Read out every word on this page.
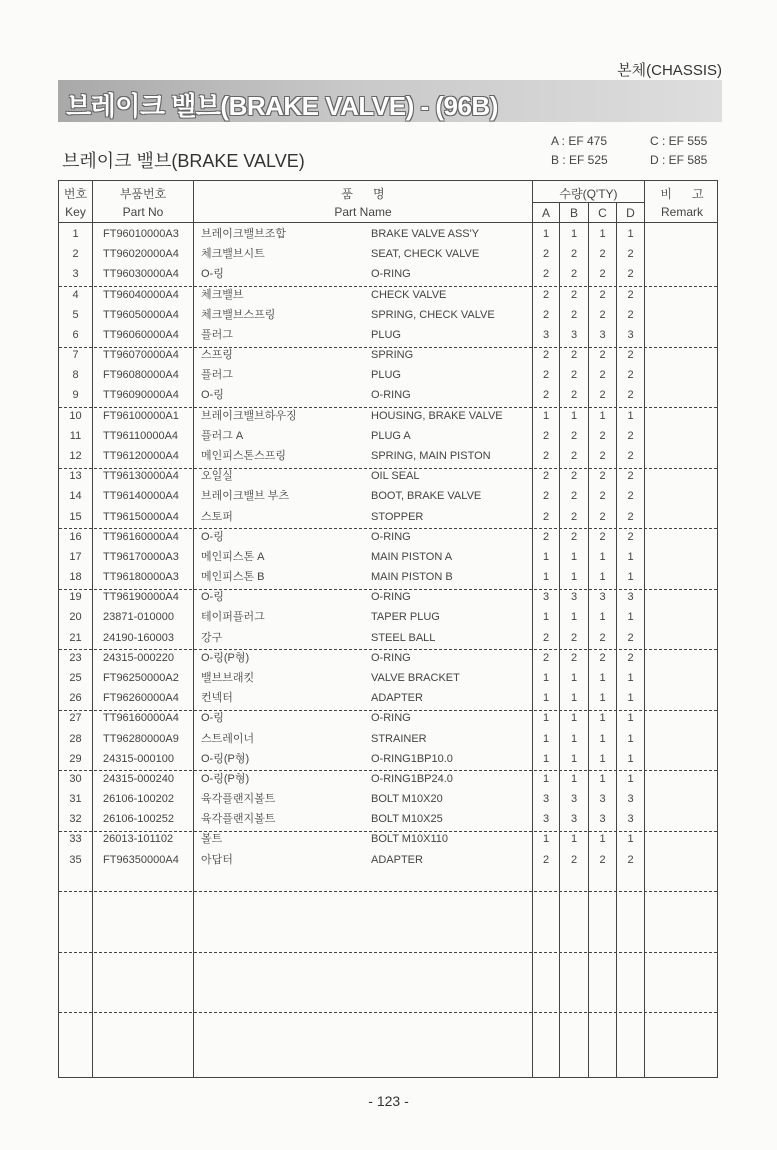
본체(CHASSIS)
브레이크 밸브(BRAKE VALVE) - (96B)
브레이크 밸브(BRAKE VALVE)
A : EF 475
B : EF 525
C : EF 555
D : EF 585
번호
Key
부품번호
Part No
품      명
Part Name
수량(Q'TY)
A	B	C	D
비      고
Remark
1	FT96010000A3	브레이크밸브조합	BRAKE VALVE ASS'Y	1	1	1	1
2	TT96020000A4	체크밸브시트	SEAT, CHECK VALVE	2	2	2	2
3	TT96030000A4	O-링	O-RING	2	2	2	2
4	TT96040000A4	체크밸브	CHECK VALVE	2	2	2	2
5	TT96050000A4	체크밸브스프링	SPRING, CHECK VALVE	2	2	2	2
6	TT96060000A4	플러그	PLUG	3	3	3	3
7	TT96070000A4	스프링	SPRING	2	2	2	2
8	FT96080000A4	플러그	PLUG	2	2	2	2
9	TT96090000A4	O-링	O-RING	2	2	2	2
10	FT96100000A1	브레이크밸브하우징	HOUSING, BRAKE VALVE	1	1	1	1
11	TT96110000A4	플러그 A	PLUG A	2	2	2	2
12	TT96120000A4	메인피스톤스프링	SPRING, MAIN PISTON	2	2	2	2
13	TT96130000A4	오일실	OIL SEAL	2	2	2	2
14	TT96140000A4	브레이크밸브 부츠	BOOT, BRAKE VALVE	2	2	2	2
15	TT96150000A4	스토퍼	STOPPER	2	2	2	2
16	TT96160000A4	O-링	O-RING	2	2	2	2
17	TT96170000A3	메인피스톤 A	MAIN PISTON A	1	1	1	1
18	TT96180000A3	메인피스톤 B	MAIN PISTON B	1	1	1	1
19	TT96190000A4	O-링	O-RING	3	3	3	3
20	23871-010000	테이퍼플러그	TAPER PLUG	1	1	1	1
21	24190-160003	강구	STEEL BALL	2	2	2	2
23	24315-000220	O-링(P형)	O-RING	2	2	2	2
25	FT96250000A2	밸브브래킷	VALVE BRACKET	1	1	1	1
26	FT96260000A4	컨넥터	ADAPTER	1	1	1	1
27	TT96160000A4	O-링	O-RING	1	1	1	1
28	TT96280000A9	스트레이너	STRAINER	1	1	1	1
29	24315-000100	O-링(P형)	O-RING1BP10.0	1	1	1	1
30	24315-000240	O-링(P형)	O-RING1BP24.0	1	1	1	1
31	26106-100202	육각플랜지볼트	BOLT M10X20	3	3	3	3
32	26106-100252	육각플랜지볼트	BOLT M10X25	3	3	3	3
33	26013-101102	볼트	BOLT M10X110	1	1	1	1
35	FT96350000A4	아답터	ADAPTER	2	2	2	2
- 123 -
